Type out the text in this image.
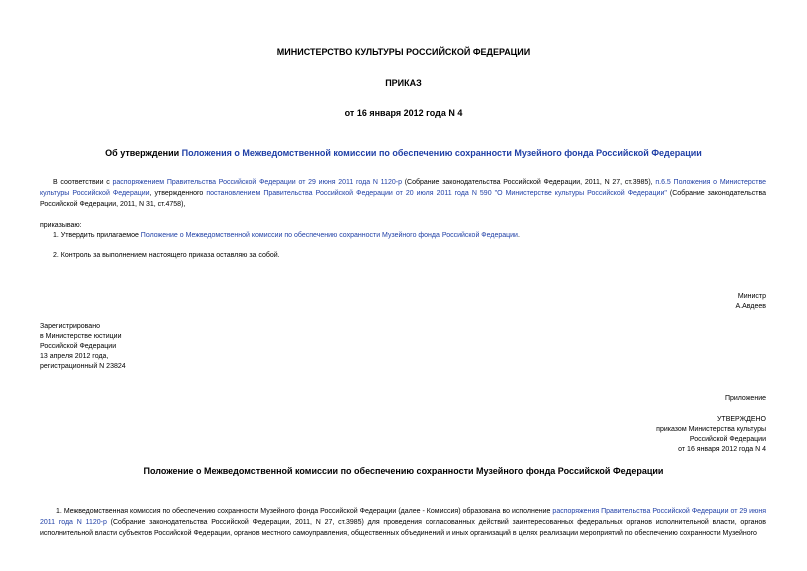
МИНИСТЕРСТВО КУЛЬТУРЫ РОССИЙСКОЙ ФЕДЕРАЦИИ
ПРИКАЗ
от 16 января 2012 года N 4
Об утверждении Положения о Межведомственной комиссии по обеспечению сохранности Музейного фонда Российской Федерации
В соответствии с распоряжением Правительства Российской Федерации от 29 июня 2011 года N 1120-р (Собрание законодательства Российской Федерации, 2011, N 27, ст.3985), п.6.5 Положения о Министерстве культуры Российской Федерации, утвержденного постановлением Правительства Российской Федерации от 20 июля 2011 года N 590 "О Министерстве культуры Российской Федерации" (Собрание законодательства Российской Федерации, 2011, N 31, ст.4758),
приказываю:
1. Утвердить прилагаемое Положение о Межведомственной комиссии по обеспечению сохранности Музейного фонда Российской Федерации.
2. Контроль за выполнением настоящего приказа оставляю за собой.
Министр
А.Авдеев
Зарегистрировано
в Министерстве юстиции
Российской Федерации
13 апреля 2012 года,
регистрационный N 23824
Приложение
УТВЕРЖДЕНО
приказом Министерства культуры
Российской Федерации
от 16 января 2012 года N 4
Положение о Межведомственной комиссии по обеспечению сохранности Музейного фонда Российской Федерации
1. Межведомственная комиссия по обеспечению сохранности Музейного фонда Российской Федерации (далее - Комиссия) образована во исполнение распоряжения Правительства Российской Федерации от 29 июня 2011 года N 1120-р (Собрание законодательства Российской Федерации, 2011, N 27, ст.3985) для проведения согласованных действий заинтересованных федеральных органов исполнительной власти, органов исполнительной власти субъектов Российской Федерации, органов местного самоуправления, общественных объединений и иных организаций в целях реализации мероприятий по обеспечению сохранности Музейного
